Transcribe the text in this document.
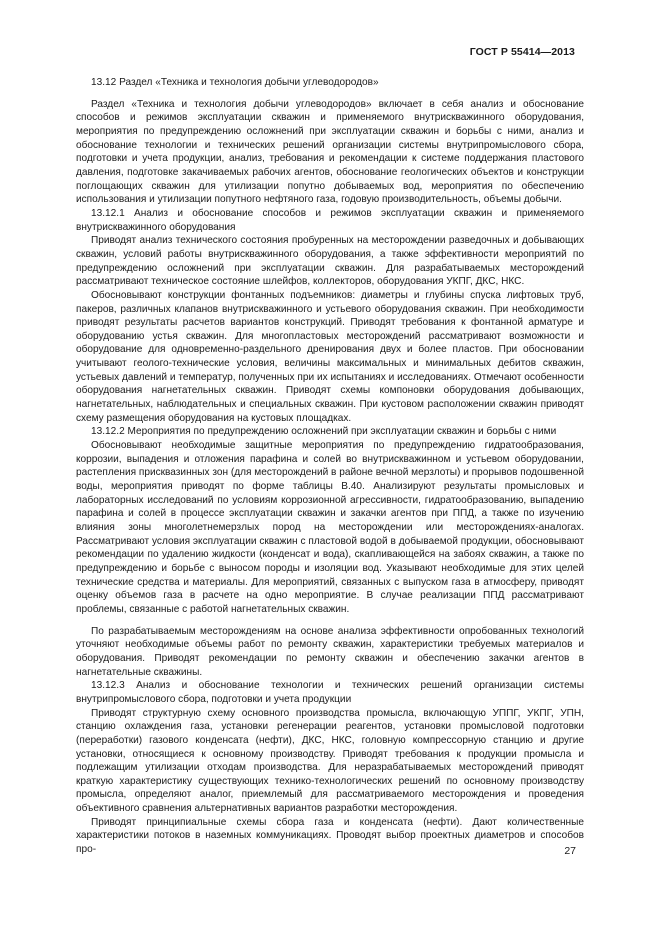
ГОСТ Р 55414—2013

13.12 Раздел «Техника и технология добычи углеводородов»

Раздел «Техника и технология добычи углеводородов» включает в себя анализ и обоснование способов и режимов эксплуатации скважин и применяемого внутрискважинного оборудования, мероприятия по предупреждению осложнений при эксплуатации скважин и борьбы с ними, анализ и обоснование технологии и технических решений организации системы внутрипромыслового сбора, подготовки и учета продукции, анализ, требования и рекомендации к системе поддержания пластового давления, подготовке закачиваемых рабочих агентов, обоснование геологических объектов и конструкции поглощающих скважин для утилизации попутно добываемых вод, мероприятия по обеспечению использования и утилизации попутного нефтяного газа, годовую производительность, объемы добычи.

13.12.1 Анализ и обоснование способов и режимов эксплуатации скважин и применяемого внутрискважинного оборудования

Приводят анализ технического состояния пробуренных на месторождении разведочных и добывающих скважин, условий работы внутрискважинного оборудования, а также эффективности мероприятий по предупреждению осложнений при эксплуатации скважин. Для разрабатываемых месторождений рассматривают техническое состояние шлейфов, коллекторов, оборудования УКПГ, ДКС, НКС.

Обосновывают конструкции фонтанных подъемников: диаметры и глубины спуска лифтовых труб, пакеров, различных клапанов внутрискважинного и устьевого оборудования скважин. При необходимости приводят результаты расчетов вариантов конструкций. Приводят требования к фонтанной арматуре и оборудованию устья скважин. Для многопластовых месторождений рассматривают возможности и оборудование для одновременно-раздельного дренирования двух и более пластов. При обосновании учитывают геолого-технические условия, величины максимальных и минимальных дебитов скважин, устьевых давлений и температур, полученных при их испытаниях и исследованиях. Отмечают особенности оборудования нагнетательных скважин. Приводят схемы компоновки оборудования добывающих, нагнетательных, наблюдательных и специальных скважин. При кустовом расположении скважин приводят схему размещения оборудования на кустовых площадках.

13.12.2 Мероприятия по предупреждению осложнений при эксплуатации скважин и борьбы с ними

Обосновывают необходимые защитные мероприятия по предупреждению гидратообразования, коррозии, выпадения и отложения парафина и солей во внутрискважинном и устьевом оборудовании, растепления присквазинных зон (для месторождений в районе вечной мерзлоты) и прорывов подошвенной воды, мероприятия приводят по форме таблицы В.40. Анализируют результаты промысловых и лабораторных исследований по условиям коррозионной агрессивности, гидратообразованию, выпадению парафина и солей в процессе эксплуатации скважин и закачки агентов при ППД, а также по изучению влияния зоны многолетнемерзлых пород на месторождении или месторождениях-аналогах. Рассматривают условия эксплуатации скважин с пластовой водой в добываемой продукции, обосновывают рекомендации по удалению жидкости (конденсат и вода), скапливающейся на забоях скважин, а также по предупреждению и борьбе с выносом породы и изоляции вод. Указывают необходимые для этих целей технические средства и материалы. Для мероприятий, связанных с выпуском газа в атмосферу, приводят оценку объемов газа в расчете на одно мероприятие. В случае реализации ППД рассматривают проблемы, связанные с работой нагнетательных скважин.

По разрабатываемым месторождениям на основе анализа эффективности опробованных технологий уточняют необходимые объемы работ по ремонту скважин, характеристики требуемых материалов и оборудования. Приводят рекомендации по ремонту скважин и обеспечению закачки агентов в нагнетательные скважины.

13.12.3 Анализ и обоснование технологии и технических решений организации системы внутрипромыслового сбора, подготовки и учета продукции

Приводят структурную схему основного производства промысла, включающую УППГ, УКПГ, УПН, станцию охлаждения газа, установки регенерации реагентов, установки промысловой подготовки (переработки) газового конденсата (нефти), ДКС, НКС, головную компрессорную станцию и другие установки, относящиеся к основному производству. Приводят требования к продукции промысла и подлежащим утилизации отходам производства. Для неразрабатываемых месторождений приводят краткую характеристику существующих технико-технологических решений по основному производству промысла, определяют аналог, приемлемый для рассматриваемого месторождения и проведения объективного сравнения альтернативных вариантов разработки месторождения.

Приводят принципиальные схемы сбора газа и конденсата (нефти). Дают количественные характеристики потоков в наземных коммуникациях. Проводят выбор проектных диаметров и способов про-	27
